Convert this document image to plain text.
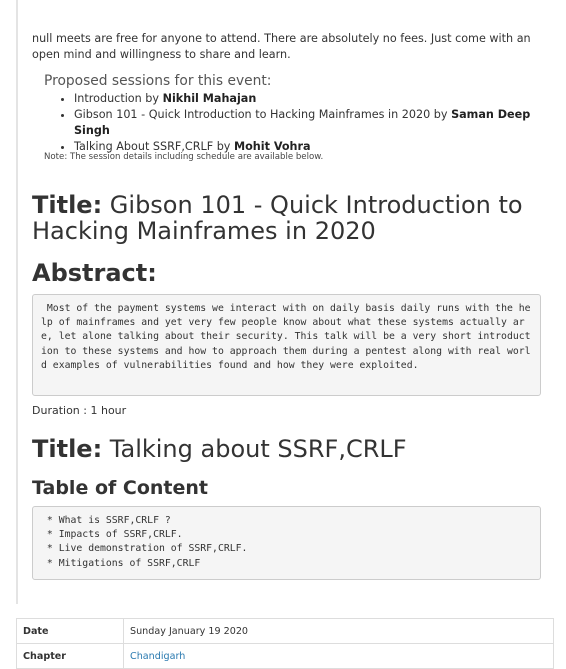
null meets are free for anyone to attend. There are absolutely no fees. Just come with an open mind and willingness to share and learn.

Proposed sessions for this event:
• Introduction by Nikhil Mahajan
• Gibson 101 - Quick Introduction to Hacking Mainframes in 2020 by Saman Deep Singh
• Talking About SSRF,CRLF by Mohit Vohra
Note: The session details including schedule are available below.
Title: Gibson 101 - Quick Introduction to Hacking Mainframes in 2020
Abstract:
Most of the payment systems we interact with on daily basis daily runs with the help of mainframes and yet very few people know about what these systems actually are, let alone talking about their security. This talk will be a very short introduction to these systems and how to approach them during a pentest along with real world examples of vulnerabilities found and how they were exploited.
Duration : 1 hour
Title: Talking about SSRF,CRLF
Table of Content
* What is SSRF,CRLF ?
* Impacts of SSRF,CRLF.
* Live demonstration of SSRF,CRLF.
* Mitigations of SSRF,CRLF
Date	Sunday January 19 2020
Chapter	Chandigarh
